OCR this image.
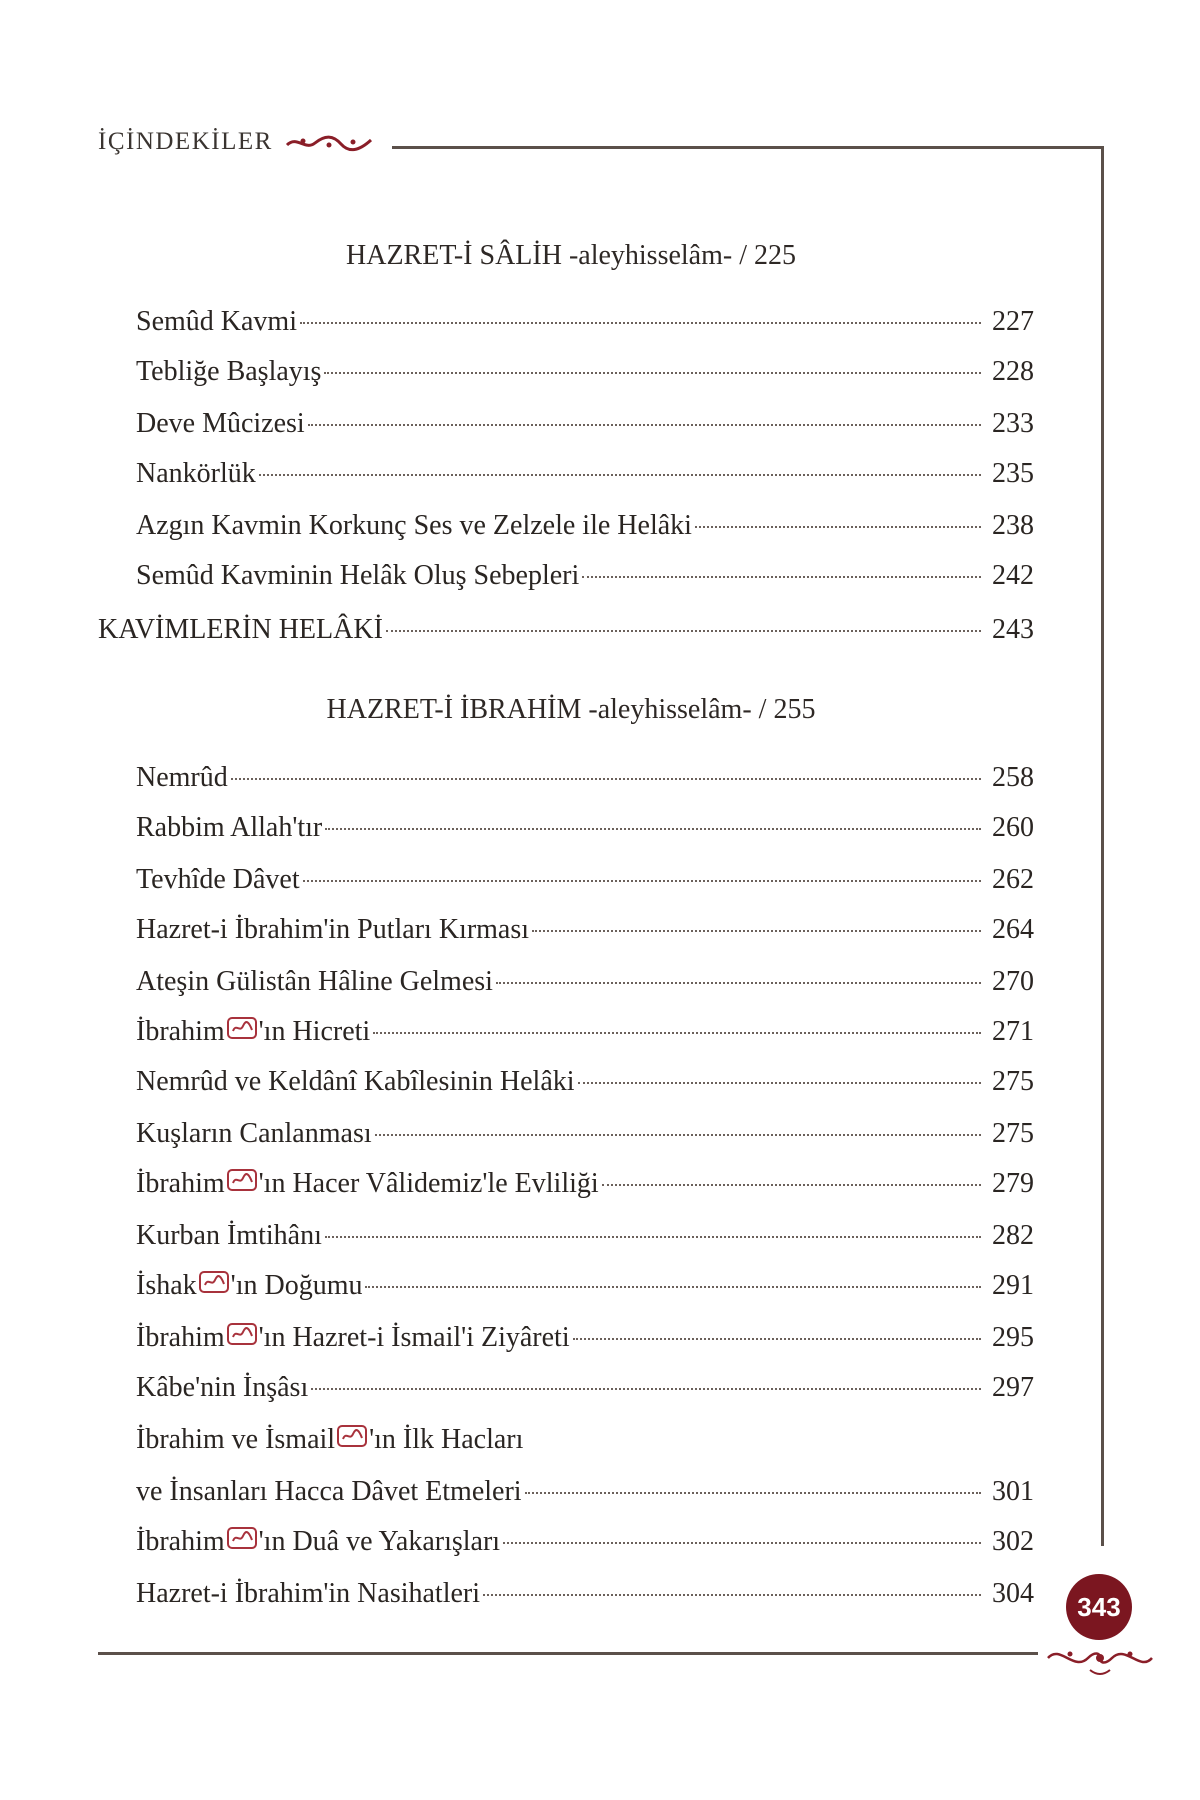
İÇİNDEKİLER
HAZRET-İ SÂLİH -aleyhisselâm- / 225
Semûd Kavmi	227
Tebliğe Başlayış	228
Deve Mûcizesi	233
Nankörlük	235
Azgın Kavmin Korkunç Ses ve Zelzele ile Helâki	238
Semûd Kavminin Helâk Oluş Sebepleri	242
KAVİMLERİN HELÂKİ	243
HAZRET-İ İBRAHİM -aleyhisselâm- / 255
Nemrûd	258
Rabbim Allah'tır	260
Tevhîde Dâvet	262
Hazret-i İbrahim'in Putları Kırması	264
Ateşin Gülistân Hâline Gelmesi	270
İbrahim 'ın Hicreti	271
Nemrûd ve Keldânî Kabîlesinin Helâki	275
Kuşların Canlanması	275
İbrahim 'ın Hacer Vâlidemiz'le Evliliği	279
Kurban İmtihânı	282
İshak 'ın Doğumu	291
İbrahim 'ın Hazret-i İsmail'i Ziyâreti	295
Kâbe'nin İnşâsı	297
İbrahim ve İsmail 'ın İlk Hacları
ve İnsanları Hacca Dâvet Etmeleri	301
İbrahim 'ın Duâ ve Yakarışları	302
Hazret-i İbrahim'in Nasihatleri	304	343
